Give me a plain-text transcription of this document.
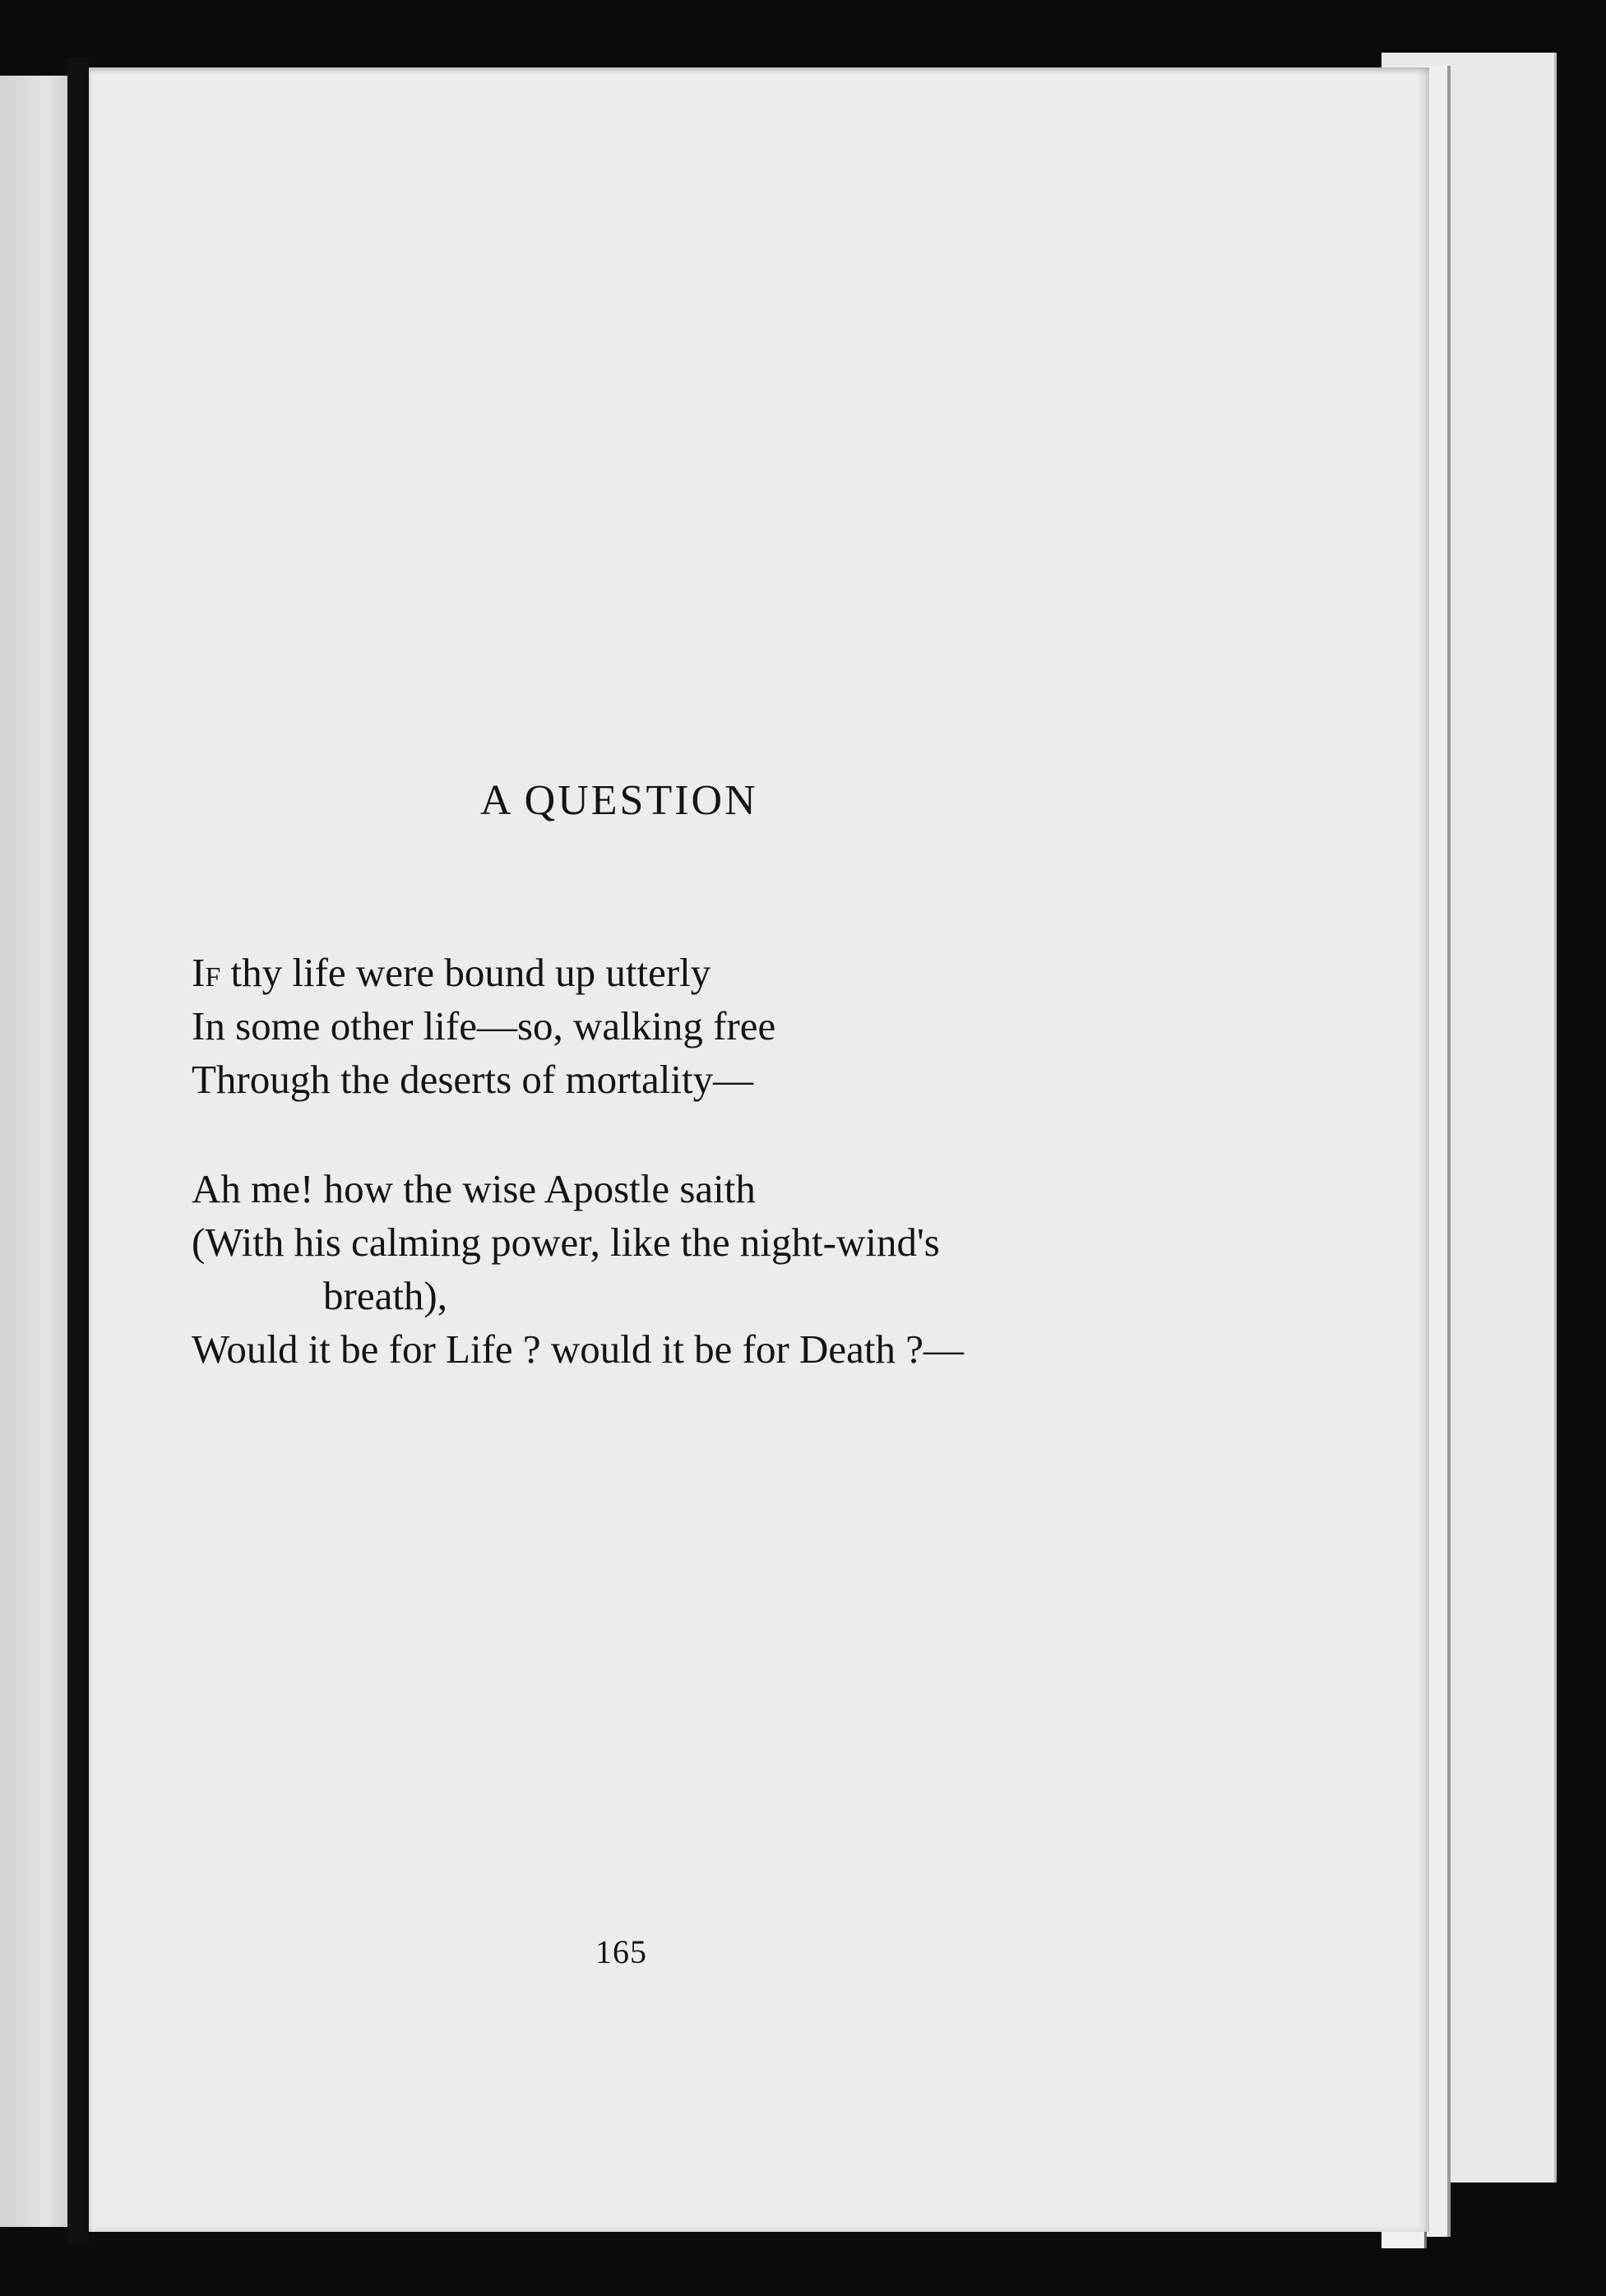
A QUESTION
If thy life were bound up utterly
In some other life—so, walking free
Through the deserts of mortality—
Ah me! how the wise Apostle saith
(With his calming power, like the night-wind's
breath),
Would it be for Life ? would it be for Death ?—
165
